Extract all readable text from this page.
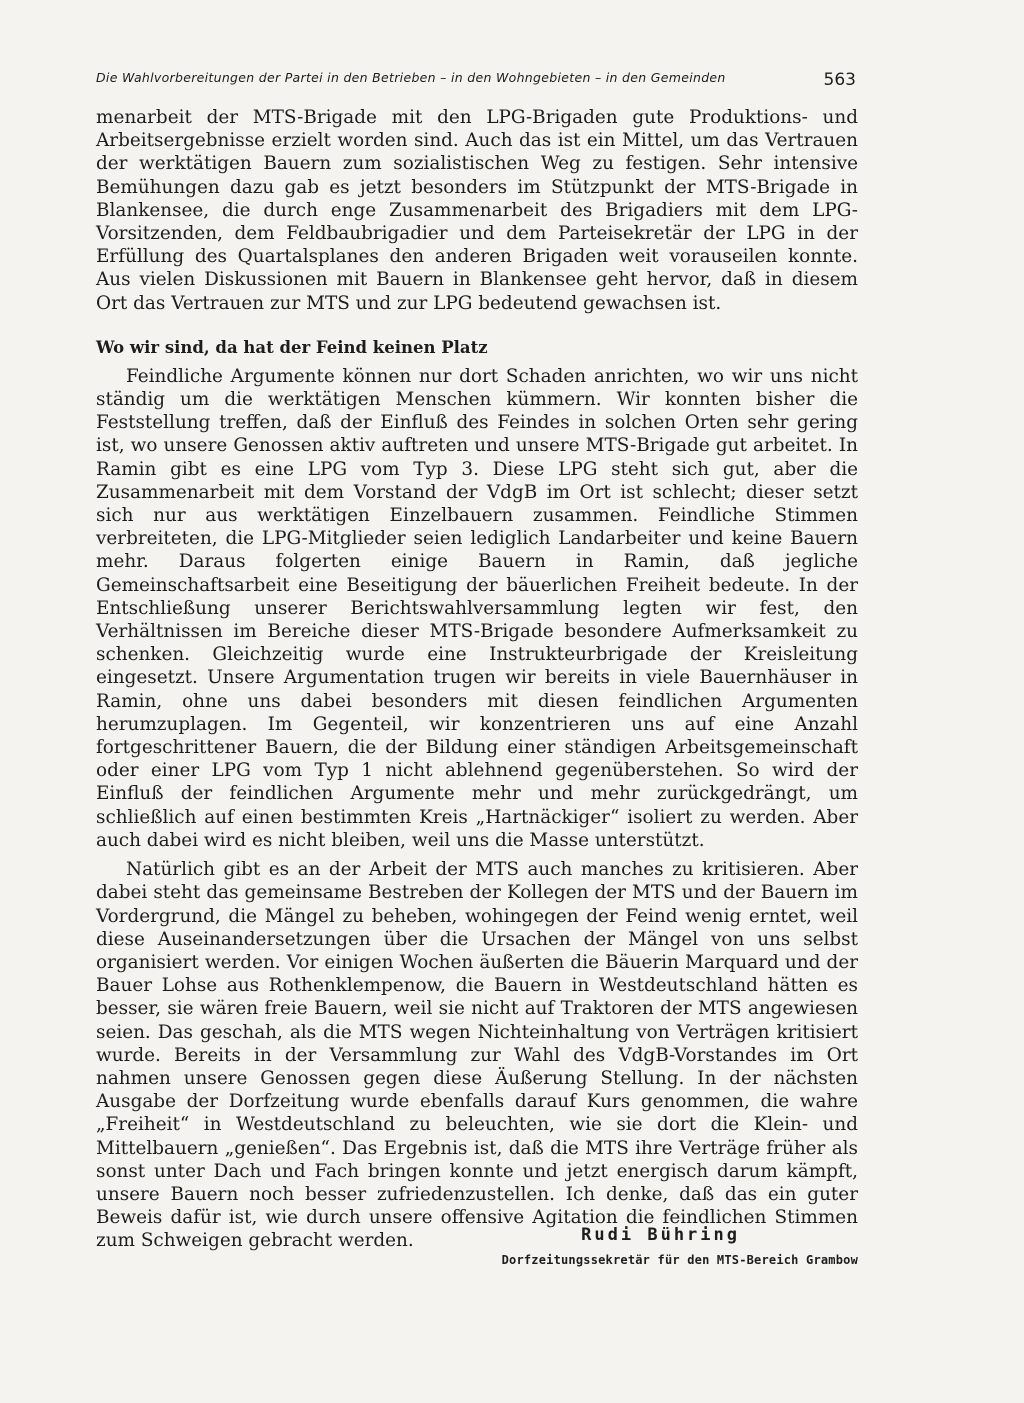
Die Wahlvorbereitungen der Partei in den Betrieben – in den Wohngebieten – in den Gemeinden	563

menarbeit der MTS-Brigade mit den LPG-Brigaden gute Produktions- und Arbeitsergebnisse erzielt worden sind. Auch das ist ein Mittel, um das Vertrauen der werktätigen Bauern zum sozialistischen Weg zu festigen. Sehr intensive Bemühungen dazu gab es jetzt besonders im Stützpunkt der MTS-Brigade in Blankensee, die durch enge Zusammenarbeit des Brigadiers mit dem LPG-Vorsitzenden, dem Feldbaubrigadier und dem Parteisekretär der LPG in der Erfüllung des Quartalsplanes den anderen Brigaden weit vorauseilen konnte. Aus vielen Diskussionen mit Bauern in Blankensee geht hervor, daß in diesem Ort das Vertrauen zur MTS und zur LPG bedeutend gewachsen ist.

Wo wir sind, da hat der Feind keinen Platz

Feindliche Argumente können nur dort Schaden anrichten, wo wir uns nicht ständig um die werktätigen Menschen kümmern. Wir konnten bisher die Feststellung treffen, daß der Einfluß des Feindes in solchen Orten sehr gering ist, wo unsere Genossen aktiv auftreten und unsere MTS-Brigade gut arbeitet. In Ramin gibt es eine LPG vom Typ 3. Diese LPG steht sich gut, aber die Zusammenarbeit mit dem Vorstand der VdgB im Ort ist schlecht; dieser setzt sich nur aus werktätigen Einzelbauern zusammen. Feindliche Stimmen verbreiteten, die LPG-Mitglieder seien lediglich Landarbeiter und keine Bauern mehr. Daraus folgerten einige Bauern in Ramin, daß jegliche Gemeinschaftsarbeit eine Beseitigung der bäuerlichen Freiheit bedeute. In der Entschließung unserer Berichtswahlversammlung legten wir fest, den Verhältnissen im Bereiche dieser MTS-Brigade besondere Aufmerksamkeit zu schenken. Gleichzeitig wurde eine Instrukteurbrigade der Kreisleitung eingesetzt. Unsere Argumentation trugen wir bereits in viele Bauernhäuser in Ramin, ohne uns dabei besonders mit diesen feindlichen Argumenten herumzuplagen. Im Gegenteil, wir konzentrieren uns auf eine Anzahl fortgeschrittener Bauern, die der Bildung einer ständigen Arbeitsgemeinschaft oder einer LPG vom Typ 1 nicht ablehnend gegenüberstehen. So wird der Einfluß der feindlichen Argumente mehr und mehr zurückgedrängt, um schließlich auf einen bestimmten Kreis „Hartnäckiger“ isoliert zu werden. Aber auch dabei wird es nicht bleiben, weil uns die Masse unterstützt.

Natürlich gibt es an der Arbeit der MTS auch manches zu kritisieren. Aber dabei steht das gemeinsame Bestreben der Kollegen der MTS und der Bauern im Vordergrund, die Mängel zu beheben, wohingegen der Feind wenig erntet, weil diese Auseinandersetzungen über die Ursachen der Mängel von uns selbst organisiert werden. Vor einigen Wochen äußerten die Bäuerin Marquard und der Bauer Lohse aus Rothenklempenow, die Bauern in Westdeutschland hätten es besser, sie wären freie Bauern, weil sie nicht auf Traktoren der MTS angewiesen seien. Das geschah, als die MTS wegen Nichteinhaltung von Verträgen kritisiert wurde. Bereits in der Versammlung zur Wahl des VdgB-Vorstandes im Ort nahmen unsere Genossen gegen diese Äußerung Stellung. In der nächsten Ausgabe der Dorfzeitung wurde ebenfalls darauf Kurs genommen, die wahre „Freiheit“ in Westdeutschland zu beleuchten, wie sie dort die Klein- und Mittelbauern „genießen“. Das Ergebnis ist, daß die MTS ihre Verträge früher als sonst unter Dach und Fach bringen konnte und jetzt energisch darum kämpft, unsere Bauern noch besser zufriedenzustellen. Ich denke, daß das ein guter Beweis dafür ist, wie durch unsere offensive Agitation die feindlichen Stimmen zum Schweigen gebracht werden.	Rudi Bühring
Dorfzeitungssekretär für den MTS-Bereich Grambow
